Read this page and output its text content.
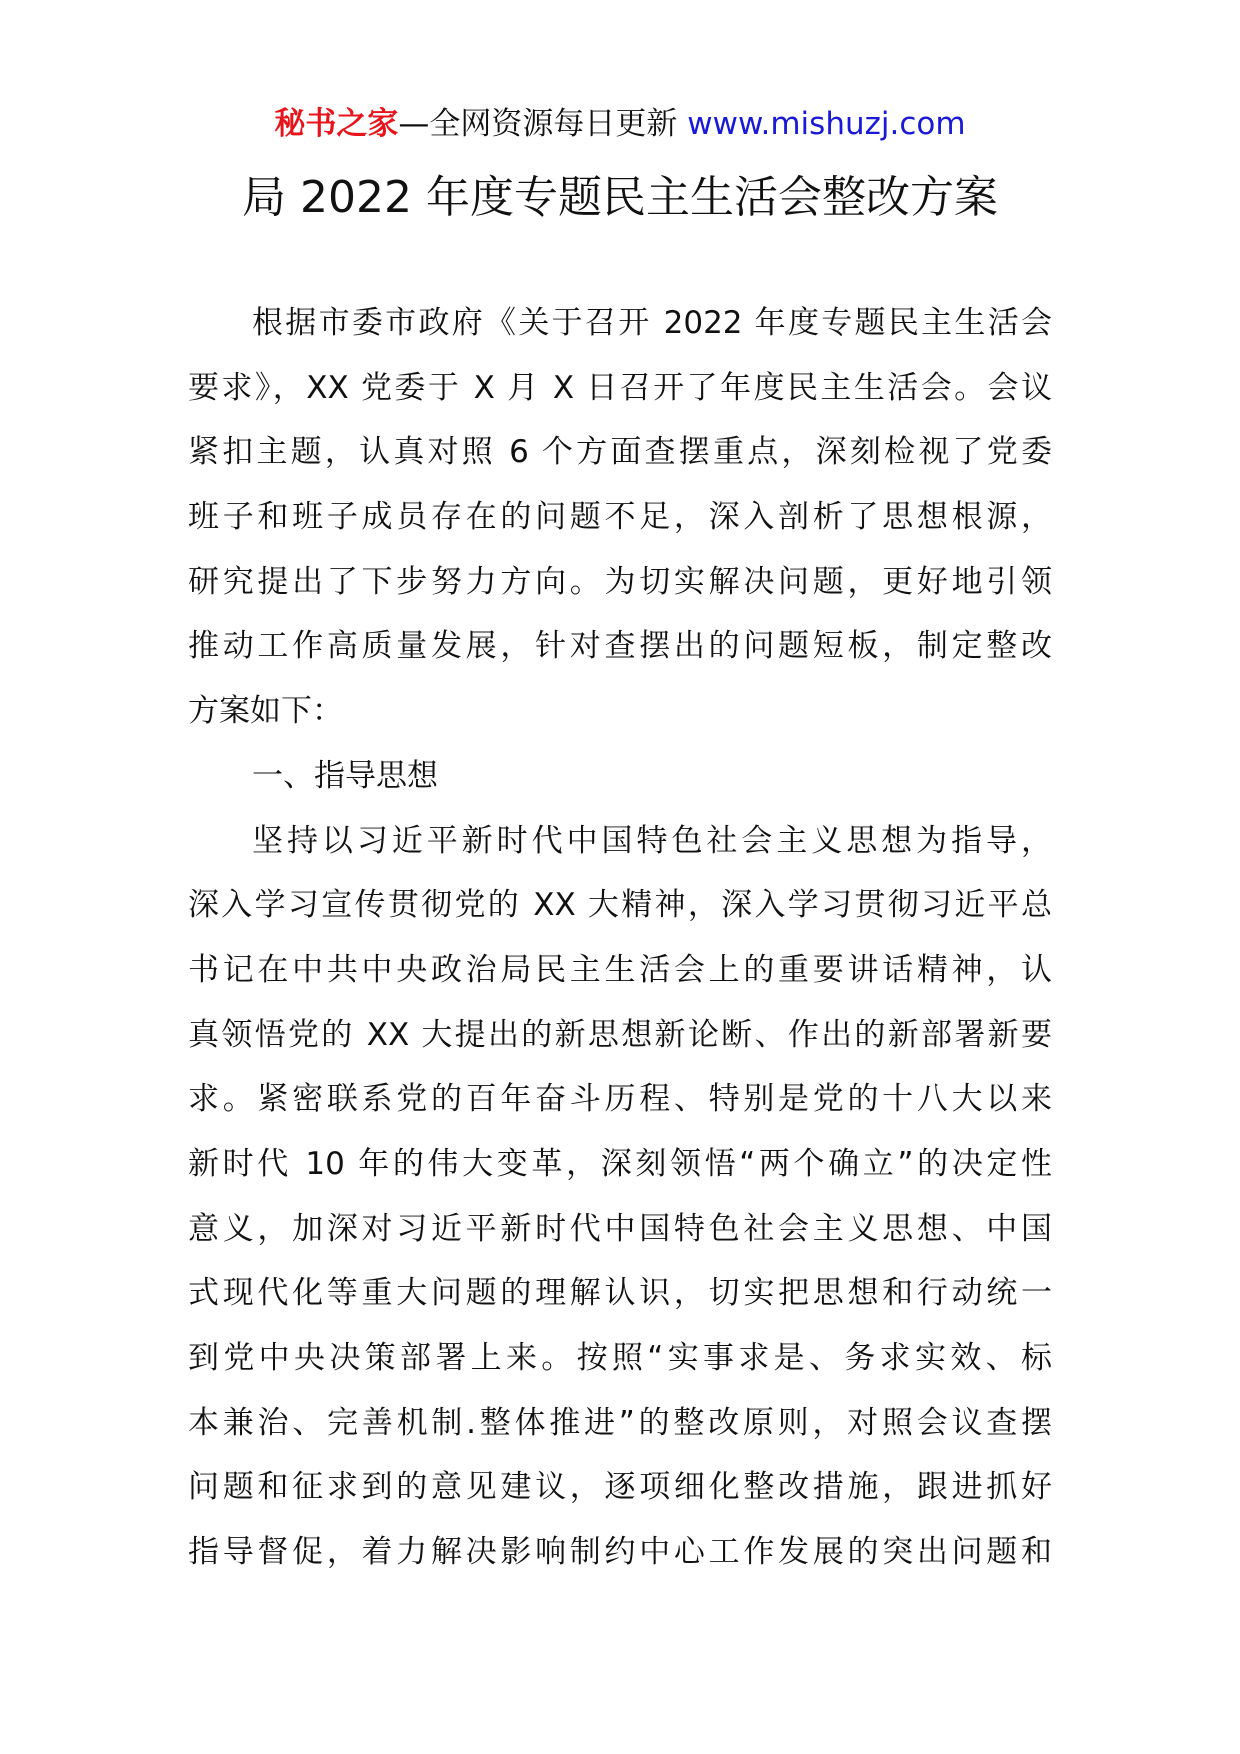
秘书之家—全网资源每日更新 www.mishuzj.com
局 2022 年度专题民主生活会整改方案
根据市委市政府《关于召开 2022 年度专题民主生活会
要求》，XX 党委于 X 月 X 日召开了年度民主生活会。会议
紧扣主题，认真对照 6 个方面查摆重点，深刻检视了党委
班子和班子成员存在的问题不足，深入剖析了思想根源，
研究提出了下步努力方向。为切实解决问题，更好地引领
推动工作高质量发展，针对查摆出的问题短板，制定整改
方案如下：
一、指导思想
坚持以习近平新时代中国特色社会主义思想为指导，
深入学习宣传贯彻党的 XX 大精神，深入学习贯彻习近平总
书记在中共中央政治局民主生活会上的重要讲话精神，认
真领悟党的 XX 大提出的新思想新论断、作出的新部署新要
求。紧密联系党的百年奋斗历程、特别是党的十八大以来
新时代 10 年的伟大变革，深刻领悟“两个确立”的决定性
意义，加深对习近平新时代中国特色社会主义思想、中国
式现代化等重大问题的理解认识，切实把思想和行动统一
到党中央决策部署上来。按照“实事求是、务求实效、标
本兼治、完善机制.整体推进”的整改原则，对照会议查摆
问题和征求到的意见建议，逐项细化整改措施，跟进抓好
指导督促，着力解决影响制约中心工作发展的突出问题和
